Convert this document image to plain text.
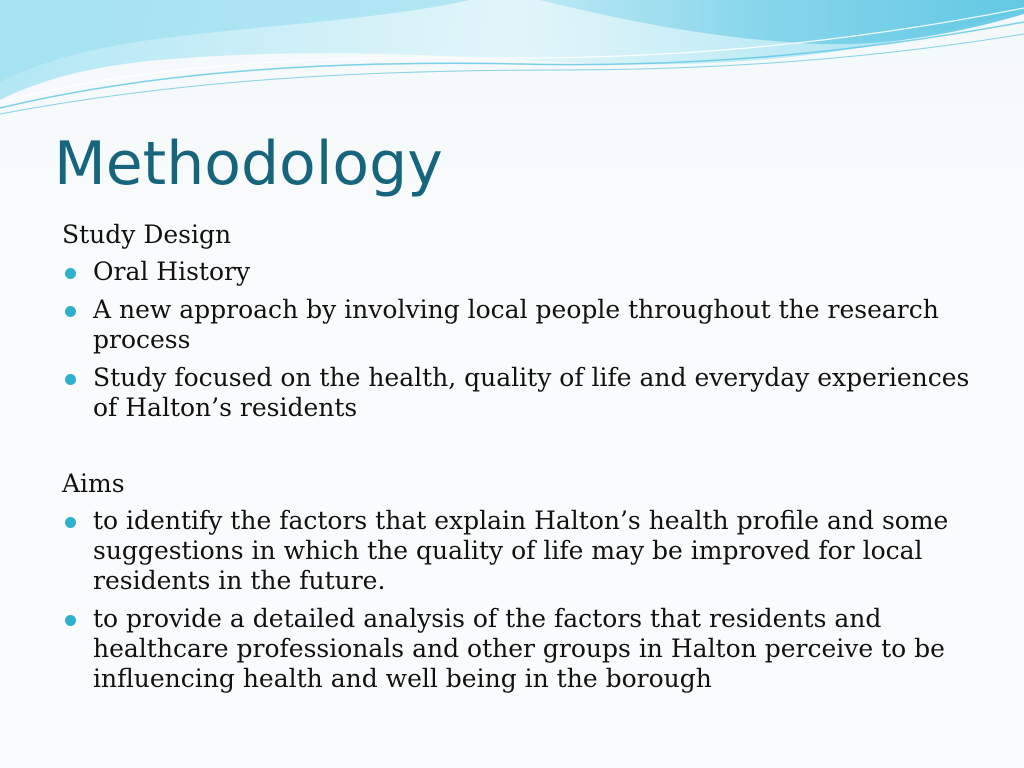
Methodology

Study Design

Oral History
A new approach by involving local people throughout the research process
Study focused on the health, quality of life and everyday experiences of Halton’s residents

Aims

to identify the factors that explain Halton’s health profile and some suggestions in which the quality of life may be improved for local residents in the future.
to provide a detailed analysis of the factors that residents and healthcare professionals and other groups in Halton perceive to be influencing health and well being in the borough
